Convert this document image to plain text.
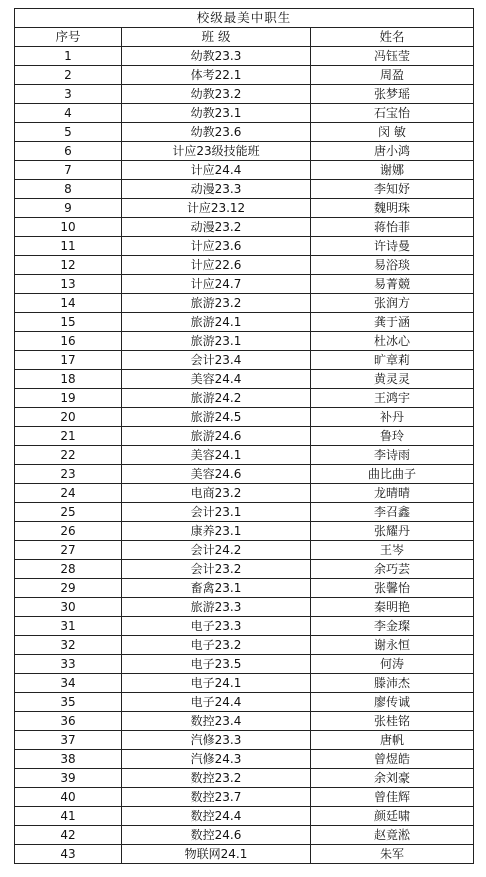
校级最美中职生		
序号	班 级	姓名
1	幼教23.3	冯钰莹
2	体考22.1	周盈
3	幼教23.2	张梦瑶
4	幼教23.1	石宝怡
5	幼教23.6	闵 敏
6	计应23级技能班	唐小鸿
7	计应24.4	谢娜
8	动漫23.3	李知妤
9	计应23.12	魏明珠
10	动漫23.2	蒋怡菲
11	计应23.6	许诗曼
12	计应22.6	易浴琰
13	计应24.7	易菁競
14	旅游23.2	张润方
15	旅游24.1	龚于涵
16	旅游23.1	杜冰心
17	会计23.4	旷章莉
18	美容24.4	黄灵灵
19	旅游24.2	王鸿宇
20	旅游24.5	补丹
21	旅游24.6	鲁玲
22	美容24.1	李诗雨
23	美容24.6	曲比曲子
24	电商23.2	龙晴晴
25	会计23.1	李召鑫
26	康养23.1	张耀丹
27	会计24.2	王岑
28	会计23.2	余巧芸
29	畜禽23.1	张馨怡
30	旅游23.3	秦明艳
31	电子23.3	李金璨
32	电子23.2	谢永恒
33	电子23.5	何涛
34	电子24.1	滕沛杰
35	电子24.4	廖传诚
36	数控23.4	张桂铭
37	汽修23.3	唐帆
38	汽修24.3	曾煜皓
39	数控23.2	余刘豪
40	数控23.7	曾佳辉
41	数控24.4	颜廷啸
42	数控24.6	赵竟淞
43	物联网24.1	朱军
